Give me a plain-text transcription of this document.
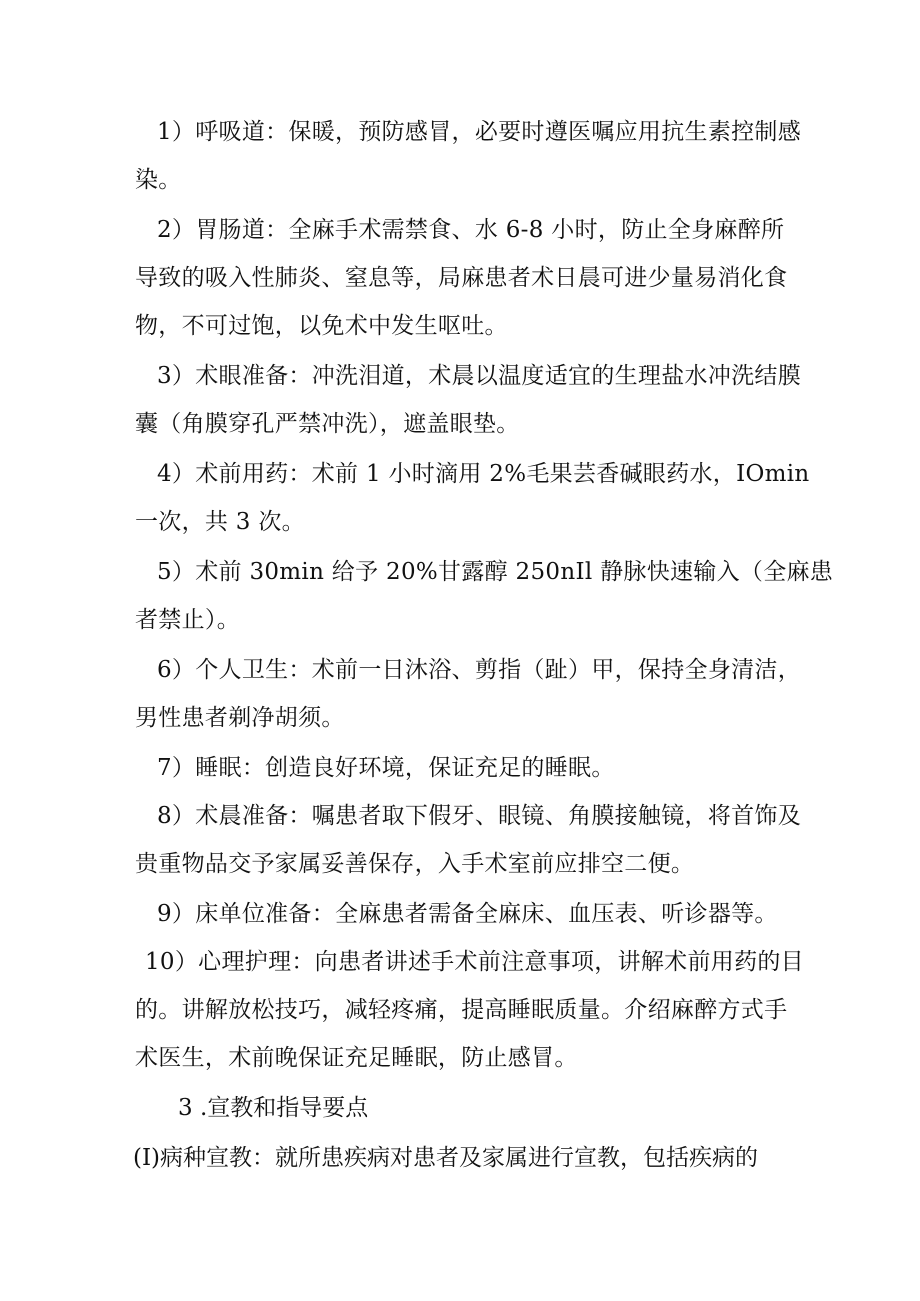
1）呼吸道：保暖，预防感冒，必要时遵医嘱应用抗生素控制感
染。

2）胃肠道：全麻手术需禁食、水 6-8 小时，防止全身麻醉所
导致的吸入性肺炎、窒息等，局麻患者术日晨可进少量易消化食
物，不可过饱，以免术中发生呕吐。

3）术眼准备：冲洗泪道，术晨以温度适宜的生理盐水冲洗结膜
囊（角膜穿孔严禁冲洗），遮盖眼垫。

4）术前用药：术前 1 小时滴用 2%毛果芸香碱眼药水，IOmin
一次，共 3 次。

5）术前 30min 给予 20%甘露醇 250nIl 静脉快速输入（全麻患
者禁止）。

6）个人卫生：术前一日沐浴、剪指（趾）甲，保持全身清洁，
男性患者剃净胡须。

7）睡眠：创造良好环境，保证充足的睡眠。

8）术晨准备：嘱患者取下假牙、眼镜、角膜接触镜，将首饰及
贵重物品交予家属妥善保存，入手术室前应排空二便。

9）床单位准备：全麻患者需备全麻床、血压表、听诊器等。

10）心理护理：向患者讲述手术前注意事项，讲解术前用药的目
的。讲解放松技巧，减轻疼痛，提高睡眠质量。介绍麻醉方式手
术医生，术前晚保证充足睡眠，防止感冒。

3 .宣教和指导要点
(I)病种宣教：就所患疾病对患者及家属进行宣教，包括疾病的
